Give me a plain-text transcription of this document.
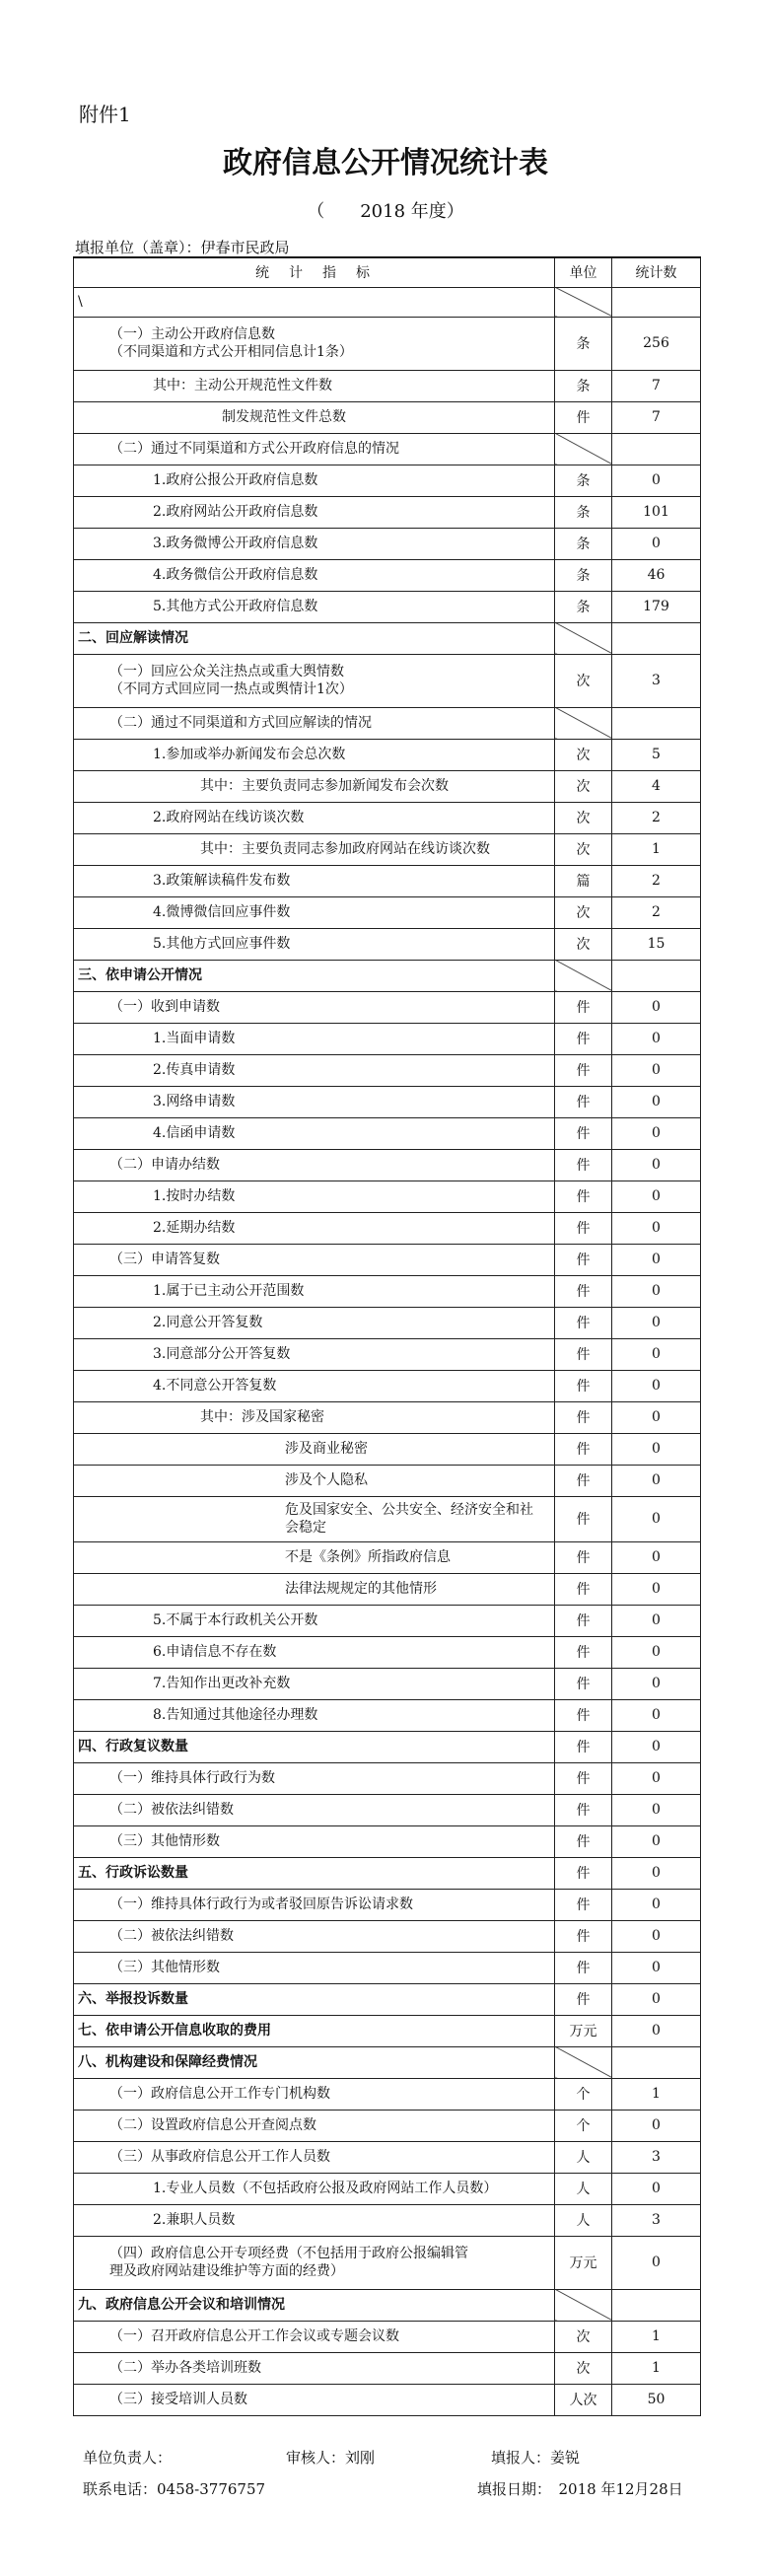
附件1
政府信息公开情况统计表
（　　2018 年度）
填报单位（盖章）：伊春市民政局
统　计　指　标	单位	统计数
\		
（一）主动公开政府信息数
（不同渠道和方式公开相同信息计1条）	条	256
其中：主动公开规范性文件数	条	7
制发规范性文件总数	件	7
（二）通过不同渠道和方式公开政府信息的情况		
1.政府公报公开政府信息数	条	0
2.政府网站公开政府信息数	条	101
3.政务微博公开政府信息数	条	0
4.政务微信公开政府信息数	条	46
5.其他方式公开政府信息数	条	179
二、回应解读情况		
（一）回应公众关注热点或重大舆情数
（不同方式回应同一热点或舆情计1次）	次	3
（二）通过不同渠道和方式回应解读的情况		
1.参加或举办新闻发布会总次数	次	5
其中：主要负责同志参加新闻发布会次数	次	4
2.政府网站在线访谈次数	次	2
其中：主要负责同志参加政府网站在线访谈次数	次	1
3.政策解读稿件发布数	篇	2
4.微博微信回应事件数	次	2
5.其他方式回应事件数	次	15
三、依申请公开情况		
（一）收到申请数	件	0
1.当面申请数	件	0
2.传真申请数	件	0
3.网络申请数	件	0
4.信函申请数	件	0
（二）申请办结数	件	0
1.按时办结数	件	0
2.延期办结数	件	0
（三）申请答复数	件	0
1.属于已主动公开范围数	件	0
2.同意公开答复数	件	0
3.同意部分公开答复数	件	0
4.不同意公开答复数	件	0
其中：涉及国家秘密	件	0
涉及商业秘密	件	0
涉及个人隐私	件	0
危及国家安全、公共安全、经济安全和社
会稳定	件	0
不是《条例》所指政府信息	件	0
法律法规规定的其他情形	件	0
5.不属于本行政机关公开数	件	0
6.申请信息不存在数	件	0
7.告知作出更改补充数	件	0
8.告知通过其他途径办理数	件	0
四、行政复议数量	件	0
（一）维持具体行政行为数	件	0
（二）被依法纠错数	件	0
（三）其他情形数	件	0
五、行政诉讼数量	件	0
（一）维持具体行政行为或者驳回原告诉讼请求数	件	0
（二）被依法纠错数	件	0
（三）其他情形数	件	0
六、举报投诉数量	件	0
七、依申请公开信息收取的费用	万元	0
八、机构建设和保障经费情况		
（一）政府信息公开工作专门机构数	个	1
（二）设置政府信息公开查阅点数	个	0
（三）从事政府信息公开工作人员数	人	3
1.专业人员数（不包括政府公报及政府网站工作人员数）	人	0
2.兼职人员数	人	3
（四）政府信息公开专项经费（不包括用于政府公报编辑管
理及政府网站建设维护等方面的经费）	万元	0
九、政府信息公开会议和培训情况		
（一）召开政府信息公开工作会议或专题会议数	次	1
（二）举办各类培训班数	次	1
（三）接受培训人员数	人次	50
单位负责人：	审核人：刘刚	填报人：姜锐
联系电话：0458-3776757	填报日期：　2018 年12月28日
